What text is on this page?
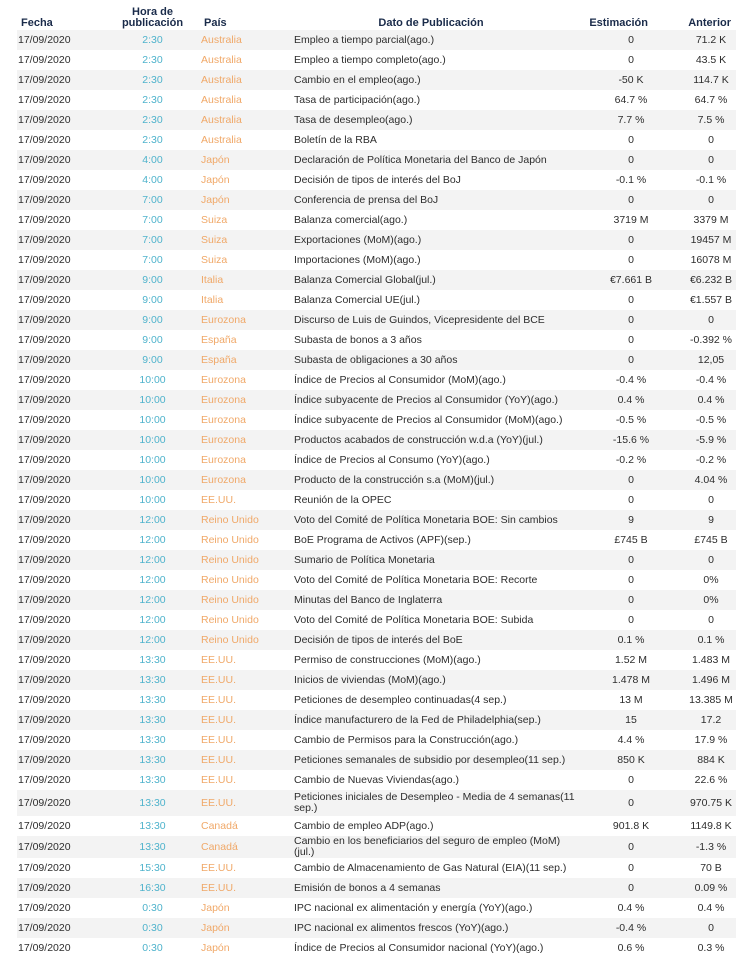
Fecha	Hora de publicación	País	Dato de Publicación	Estimación	Anterior
17/09/2020	2:30	Australia	Empleo a tiempo parcial(ago.)	0	71.2 K
17/09/2020	2:30	Australia	Empleo a tiempo completo(ago.)	0	43.5 K
17/09/2020	2:30	Australia	Cambio en el empleo(ago.)	-50 K	114.7 K
17/09/2020	2:30	Australia	Tasa de participación(ago.)	64.7 %	64.7 %
17/09/2020	2:30	Australia	Tasa de desempleo(ago.)	7.7 %	7.5 %
17/09/2020	2:30	Australia	Boletín de la RBA	0	0
17/09/2020	4:00	Japón	Declaración de Política Monetaria del Banco de Japón	0	0
17/09/2020	4:00	Japón	Decisión de tipos de interés del BoJ	-0.1 %	-0.1 %
17/09/2020	7:00	Japón	Conferencia de prensa del BoJ	0	0
17/09/2020	7:00	Suiza	Balanza comercial(ago.)	3719 M	3379 M
17/09/2020	7:00	Suiza	Exportaciones (MoM)(ago.)	0	19457 M
17/09/2020	7:00	Suiza	Importaciones (MoM)(ago.)	0	16078 M
17/09/2020	9:00	Italia	Balanza Comercial Global(jul.)	€7.661 B	€6.232 B
17/09/2020	9:00	Italia	Balanza Comercial UE(jul.)	0	€1.557 B
17/09/2020	9:00	Eurozona	Discurso de Luis de Guindos, Vicepresidente del BCE	0	0
17/09/2020	9:00	España	Subasta de bonos a 3 años	0	-0.392 %
17/09/2020	9:00	España	Subasta de obligaciones a 30 años	0	12,05
17/09/2020	10:00	Eurozona	Índice de Precios al Consumidor (MoM)(ago.)	-0.4 %	-0.4 %
17/09/2020	10:00	Eurozona	Índice subyacente de Precios al Consumidor (YoY)(ago.)	0.4 %	0.4 %
17/09/2020	10:00	Eurozona	Índice subyacente de Precios al Consumidor (MoM)(ago.)	-0.5 %	-0.5 %
17/09/2020	10:00	Eurozona	Productos acabados de construcción w.d.a (YoY)(jul.)	-15.6 %	-5.9 %
17/09/2020	10:00	Eurozona	Índice de Precios al Consumo (YoY)(ago.)	-0.2 %	-0.2 %
17/09/2020	10:00	Eurozona	Producto de la construcción s.a (MoM)(jul.)	0	4.04 %
17/09/2020	10:00	EE.UU.	Reunión de la OPEC	0	0
17/09/2020	12:00	Reino Unido	Voto del Comité de Política Monetaria BOE: Sin cambios	9	9
17/09/2020	12:00	Reino Unido	BoE Programa de Activos (APF)(sep.)	£745 B	£745 B
17/09/2020	12:00	Reino Unido	Sumario de Política Monetaria	0	0
17/09/2020	12:00	Reino Unido	Voto del Comité de Política Monetaria BOE: Recorte	0	0%
17/09/2020	12:00	Reino Unido	Minutas del Banco de Inglaterra	0	0%
17/09/2020	12:00	Reino Unido	Voto del Comité de Política Monetaria BOE: Subida	0	0
17/09/2020	12:00	Reino Unido	Decisión de tipos de interés del BoE	0.1 %	0.1 %
17/09/2020	13:30	EE.UU.	Permiso de construcciones (MoM)(ago.)	1.52 M	1.483 M
17/09/2020	13:30	EE.UU.	Inicios de viviendas (MoM)(ago.)	1.478 M	1.496 M
17/09/2020	13:30	EE.UU.	Peticiones de desempleo continuadas(4 sep.)	13 M	13.385 M
17/09/2020	13:30	EE.UU.	Índice manufacturero de la Fed de Philadelphia(sep.)	15	17.2
17/09/2020	13:30	EE.UU.	Cambio de Permisos para la Construcción(ago.)	4.4 %	17.9 %
17/09/2020	13:30	EE.UU.	Peticiones semanales de subsidio por desempleo(11 sep.)	850 K	884 K
17/09/2020	13:30	EE.UU.	Cambio de Nuevas Viviendas(ago.)	0	22.6 %
17/09/2020	13:30	EE.UU.	Peticiones iniciales de Desempleo - Media de 4 semanas(11 sep.)	0	970.75 K
17/09/2020	13:30	Canadá	Cambio de empleo ADP(ago.)	901.8 K	1149.8 K
17/09/2020	13:30	Canadá	Cambio en los beneficiarios del seguro de empleo (MoM)(jul.)	0	-1.3 %
17/09/2020	15:30	EE.UU.	Cambio de Almacenamiento de Gas Natural (EIA)(11 sep.)	0	70 B
17/09/2020	16:30	EE.UU.	Emisión de bonos a 4 semanas	0	0.09 %
17/09/2020	0:30	Japón	IPC nacional ex alimentación y energía (YoY)(ago.)	0.4 %	0.4 %
17/09/2020	0:30	Japón	IPC nacional ex alimentos frescos (YoY)(ago.)	-0.4 %	0
17/09/2020	0:30	Japón	Índice de Precios al Consumidor nacional (YoY)(ago.)	0.6 %	0.3 %
